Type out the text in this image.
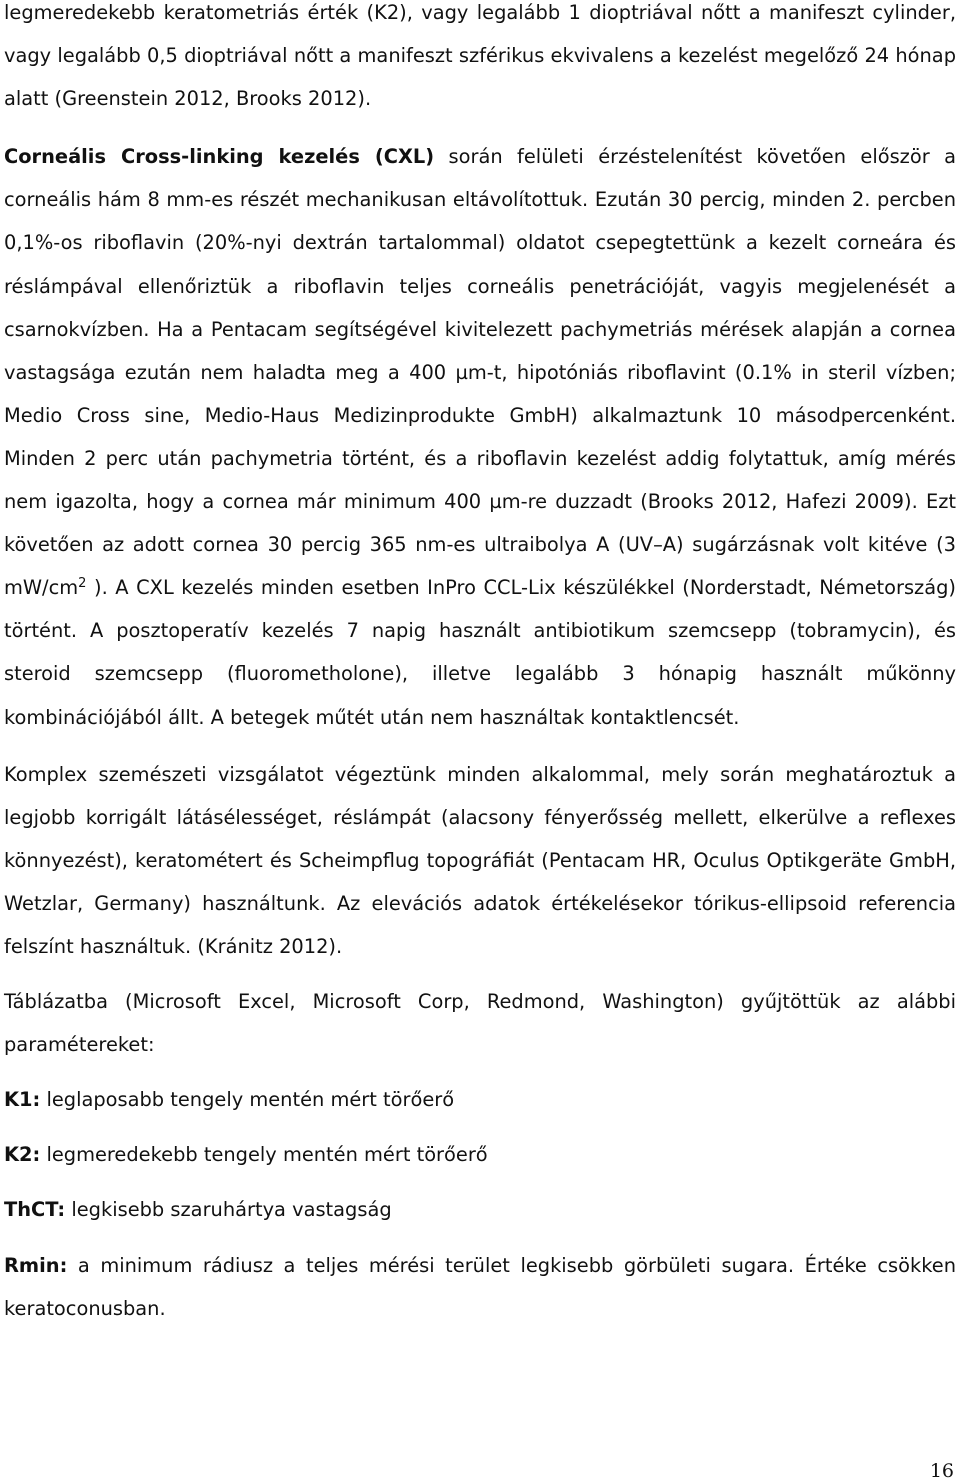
legmeredekebb keratometriás érték (K2), vagy legalább 1 dioptriával nőtt a manifeszt cylinder, vagy legalább 0,5 dioptriával nőtt a manifeszt szférikus ekvivalens a kezelést megelőző 24 hónap alatt (Greenstein 2012, Brooks 2012).

Corneális Cross-linking kezelés (CXL) során felületi érzéstelenítést követően először a corneális hám 8 mm-es részét mechanikusan eltávolítottuk. Ezután 30 percig, minden 2. percben 0,1%-os riboflavin (20%-nyi dextrán tartalommal) oldatot csepegtettünk a kezelt corneára és réslámpával ellenőriztük a riboflavin teljes corneális penetrációját, vagyis megjelenését a csarnokvízben. Ha a Pentacam segítségével kivitelezett pachymetriás mérések alapján a cornea vastagsága ezután nem haladta meg a 400 µm-t, hipotóniás riboflavint (0.1% in steril vízben; Medio Cross sine, Medio-Haus Medizinprodukte GmbH) alkalmaztunk 10 másodpercenként. Minden 2 perc után pachymetria történt, és a riboflavin kezelést addig folytattuk, amíg mérés nem igazolta, hogy a cornea már minimum 400 µm-re duzzadt (Brooks 2012, Hafezi 2009). Ezt követően az adott cornea 30 percig 365 nm-es ultraibolya A (UV–A) sugárzásnak volt kitéve (3 $mW/cm^2$ ). A CXL kezelés minden esetben InPro CCL-Lix készülékkel (Norderstadt, Németország) történt. A posztoperatív kezelés 7 napig használt antibiotikum szemcsepp (tobramycin), és steroid szemcsepp (fluorometholone), illetve legalább 3 hónapig használt műkönny kombinációjából állt. A betegek műtét után nem használtak kontaktlencsét.

Komplex szemészeti vizsgálatot végeztünk minden alkalommal, mely során meghatároztuk a legjobb korrigált látásélességet, réslámpát (alacsony fényerősség mellett, elkerülve a reflexes könnyezést), keratométert és Scheimpflug topográfiát (Pentacam HR, Oculus Optikgeräte GmbH, Wetzlar, Germany) használtunk. Az elevációs adatok értékelésekor tórikus-ellipsoid referencia felszínt használtuk. (Kránitz 2012).

Táblázatba (Microsoft Excel, Microsoft Corp, Redmond, Washington) gyűjtöttük az alábbi paramétereket:

K1: leglaposabb tengely mentén mért törőerő

K2: legmeredekebb tengely mentén mért törőerő

ThCT: legkisebb szaruhártya vastagság

Rmin: a minimum rádiusz a teljes mérési terület legkisebb görbületi sugara. Értéke csökken keratoconusban.

16
